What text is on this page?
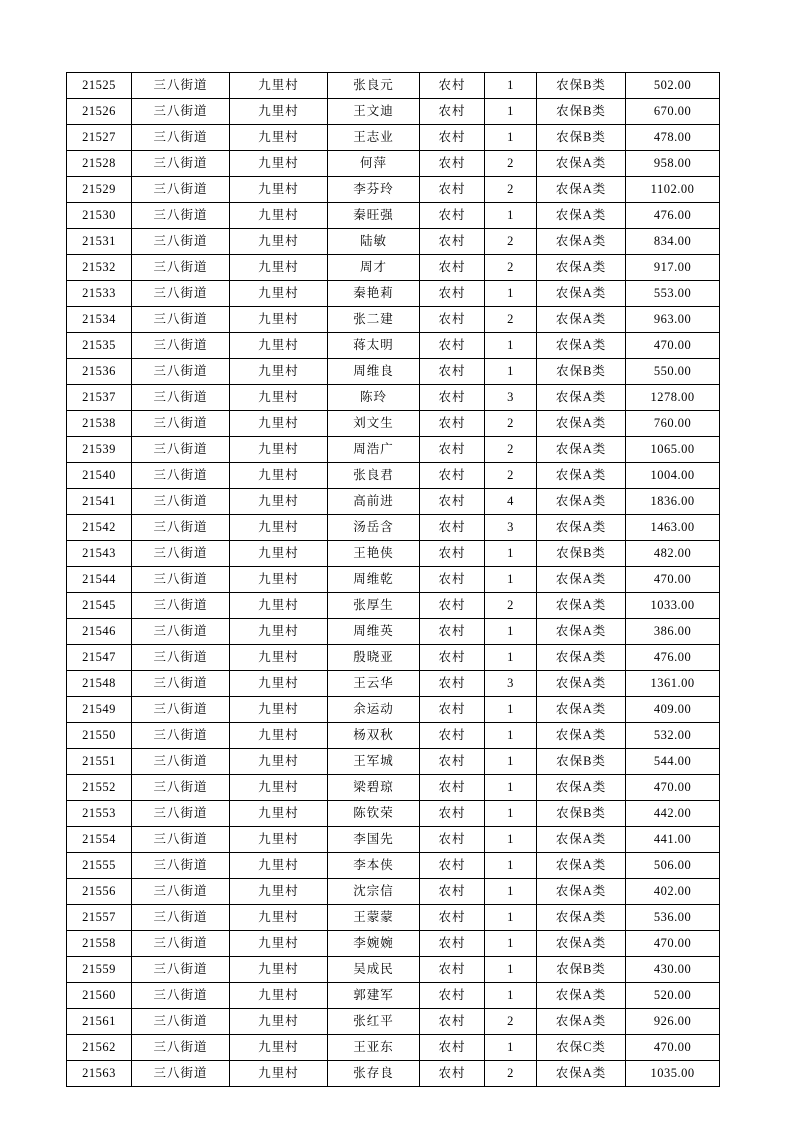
21525	三八街道	九里村	张良元	农村	1	农保B类	502.00
21526	三八街道	九里村	王文迪	农村	1	农保B类	670.00
21527	三八街道	九里村	王志业	农村	1	农保B类	478.00
21528	三八街道	九里村	何萍	农村	2	农保A类	958.00
21529	三八街道	九里村	李芬玲	农村	2	农保A类	1102.00
21530	三八街道	九里村	秦旺强	农村	1	农保A类	476.00
21531	三八街道	九里村	陆敏	农村	2	农保A类	834.00
21532	三八街道	九里村	周才	农村	2	农保A类	917.00
21533	三八街道	九里村	秦艳莉	农村	1	农保A类	553.00
21534	三八街道	九里村	张二建	农村	2	农保A类	963.00
21535	三八街道	九里村	蒋太明	农村	1	农保A类	470.00
21536	三八街道	九里村	周维良	农村	1	农保B类	550.00
21537	三八街道	九里村	陈玲	农村	3	农保A类	1278.00
21538	三八街道	九里村	刘文生	农村	2	农保A类	760.00
21539	三八街道	九里村	周浩广	农村	2	农保A类	1065.00
21540	三八街道	九里村	张良君	农村	2	农保A类	1004.00
21541	三八街道	九里村	高前进	农村	4	农保A类	1836.00
21542	三八街道	九里村	汤岳含	农村	3	农保A类	1463.00
21543	三八街道	九里村	王艳侠	农村	1	农保B类	482.00
21544	三八街道	九里村	周维乾	农村	1	农保A类	470.00
21545	三八街道	九里村	张厚生	农村	2	农保A类	1033.00
21546	三八街道	九里村	周维英	农村	1	农保A类	386.00
21547	三八街道	九里村	殷晓亚	农村	1	农保A类	476.00
21548	三八街道	九里村	王云华	农村	3	农保A类	1361.00
21549	三八街道	九里村	余运动	农村	1	农保A类	409.00
21550	三八街道	九里村	杨双秋	农村	1	农保A类	532.00
21551	三八街道	九里村	王军城	农村	1	农保B类	544.00
21552	三八街道	九里村	梁碧琼	农村	1	农保A类	470.00
21553	三八街道	九里村	陈钦荣	农村	1	农保B类	442.00
21554	三八街道	九里村	李国先	农村	1	农保A类	441.00
21555	三八街道	九里村	李本侠	农村	1	农保A类	506.00
21556	三八街道	九里村	沈宗信	农村	1	农保A类	402.00
21557	三八街道	九里村	王蒙蒙	农村	1	农保A类	536.00
21558	三八街道	九里村	李婉婉	农村	1	农保A类	470.00
21559	三八街道	九里村	吴成民	农村	1	农保B类	430.00
21560	三八街道	九里村	郭建军	农村	1	农保A类	520.00
21561	三八街道	九里村	张红平	农村	2	农保A类	926.00
21562	三八街道	九里村	王亚东	农村	1	农保C类	470.00
21563	三八街道	九里村	张存良	农村	2	农保A类	1035.00
